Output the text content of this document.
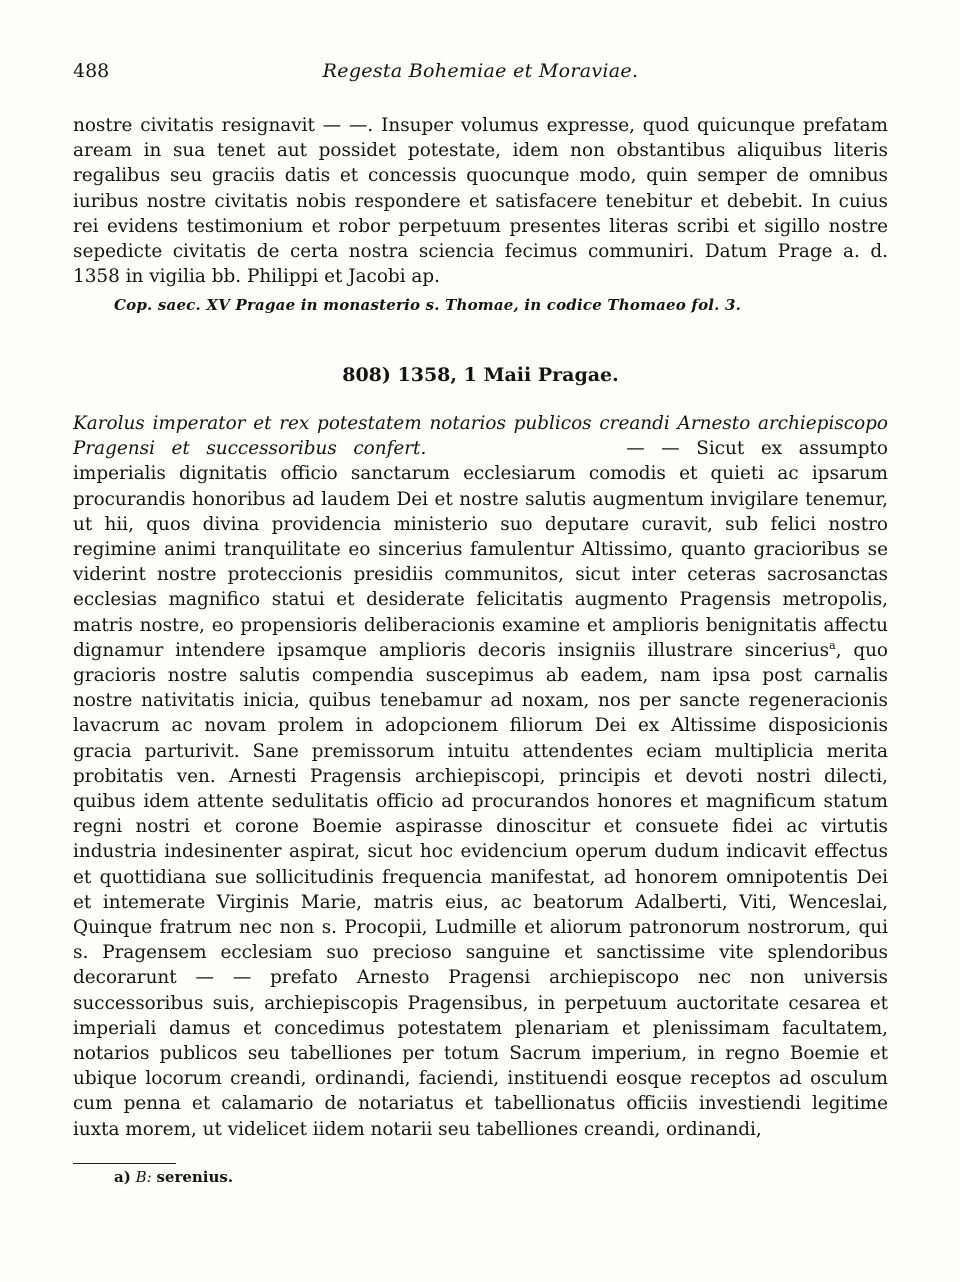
488	Regesta Bohemiae et Moraviae.

nostre civitatis resignavit — —. Insuper volumus expresse, quod quicunque prefatam aream in sua tenet aut possidet potestate, idem non obstantibus aliquibus literis regalibus seu graciis datis et concessis quocunque modo, quin semper de omnibus iuribus nostre civitatis nobis respondere et satisfacere tenebitur et debebit. In cuius rei evidens testimonium et robor perpetuum presentes literas scribi et sigillo nostre sepedicte civitatis de certa nostra sciencia fecimus communiri. Datum Prage a. d. 1358 in vigilia bb. Philippi et Jacobi ap.

Cop. saec. XV Pragae in monasterio s. Thomae, in codice Thomaeo fol. 3.
808) 1358, 1 Maii Pragae.

Karolus imperator et rex potestatem notarios publicos creandi Arnesto archiepiscopo Pragensi et successoribus confert.	— — Sicut ex assumpto imperialis dignitatis officio sanctarum ecclesiarum comodis et quieti ac ipsarum procurandis honoribus ad laudem Dei et nostre salutis augmentum invigilare tenemur, ut hii, quos divina providencia ministerio suo deputare curavit, sub felici nostro regimine animi tranquilitate eo sincerius famulentur Altissimo, quanto gracioribus se viderint nostre proteccionis presidiis communitos, sicut inter ceteras sacrosanctas ecclesias magnifico statui et desiderate felicitatis augmento Pragensis metropolis, matris nostre, eo propensioris deliberacionis examine et amplioris benignitatis affectu dignamur intendere ipsamque amplioris decoris insigniis illustrare sincerius$^a$, quo gracioris nostre salutis compendia suscepimus ab eadem, nam ipsa post carnalis nostre nativitatis inicia, quibus tenebamur ad noxam, nos per sancte regeneracionis lavacrum ac novam prolem in adopcionem filiorum Dei ex Altissime disposicionis gracia parturivit. Sane premissorum intuitu attendentes eciam multiplicia merita probitatis ven. Arnesti Pragensis archiepiscopi, principis et devoti nostri dilecti, quibus idem attente sedulitatis officio ad procurandos honores et magnificum statum regni nostri et corone Boemie aspirasse dinoscitur et consuete fidei ac virtutis industria indesinenter aspirat, sicut hoc evidencium operum dudum indicavit effectus et quottidiana sue sollicitudinis frequencia manifestat, ad honorem omnipotentis Dei et intemerate Virginis Marie, matris eius, ac beatorum Adalberti, Viti, Wenceslai, Quinque fratrum nec non s. Procopii, Ludmille et aliorum patronorum nostrorum, qui s. Pragensem ecclesiam suo precioso sanguine et sanctissime vite splendoribus decorarunt — — prefato Arnesto Pragensi archiepiscopo nec non universis successoribus suis, archiepiscopis Pragensibus, in perpetuum auctoritate cesarea et imperiali damus et concedimus potestatem plenariam et plenissimam facultatem, notarios publicos seu tabelliones per totum Sacrum imperium, in regno Boemie et ubique locorum creandi, ordinandi, faciendi, instituendi eosque receptos ad osculum cum penna et calamario de notariatus et tabellionatus officiis investiendi legitime iuxta morem, ut videlicet iidem notarii seu tabelliones creandi, ordinandi,

a) B: serenius.
